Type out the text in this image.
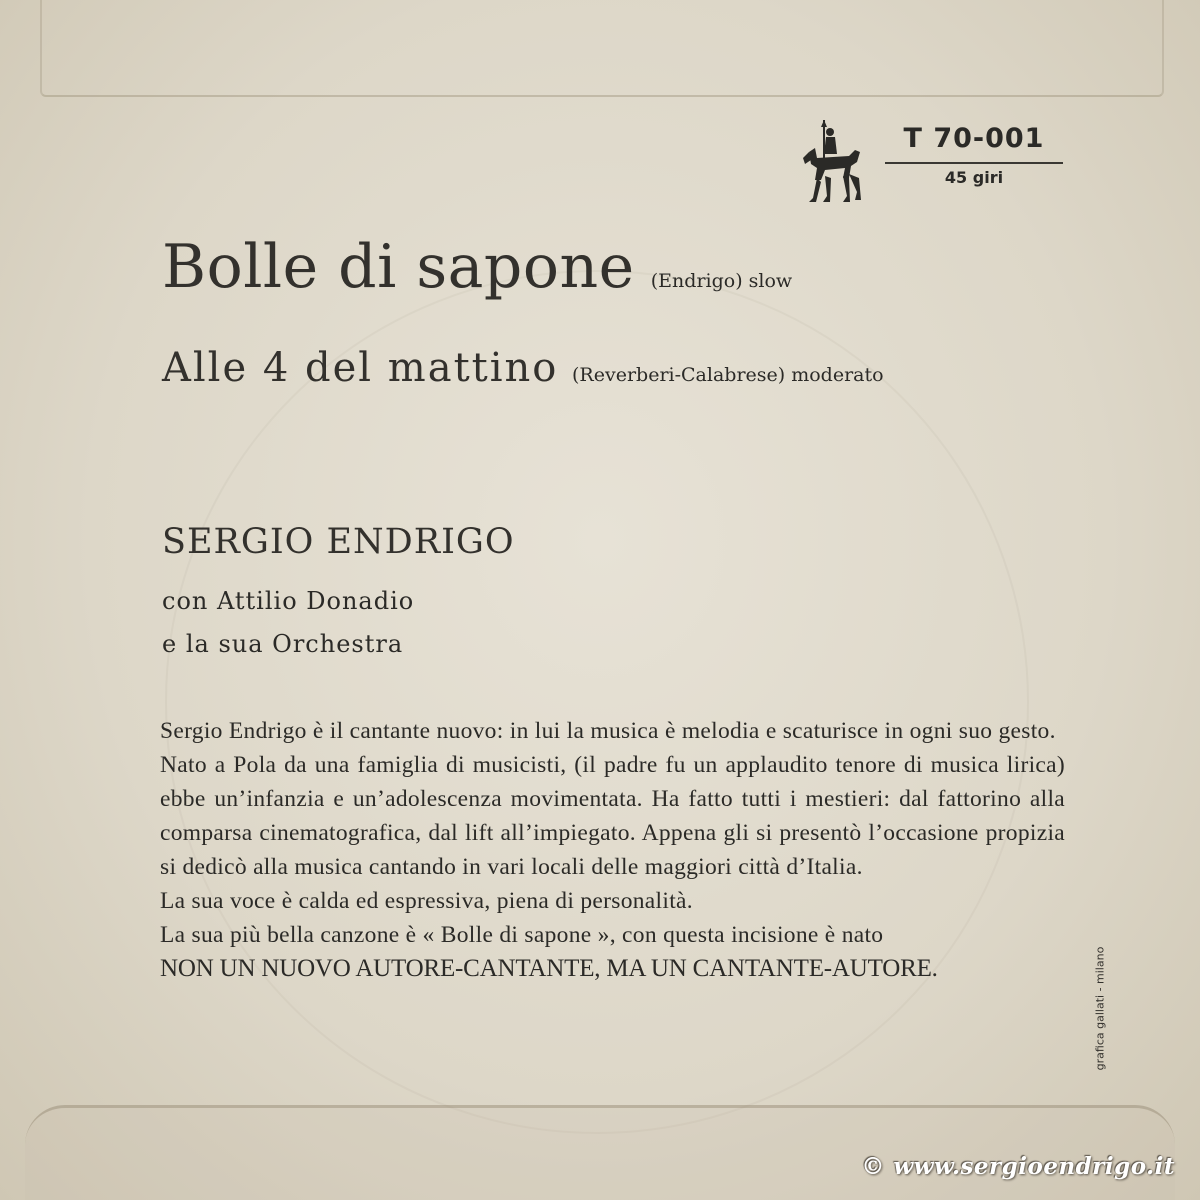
T 70-001

45 giri

Bolle di sapone (Endrigo) slow
Alle 4 del mattino (Reverberi-Calabrese) moderato
SERGIO ENDRIGO

con Attilio Donadio

e la sua Orchestra

Sergio Endrigo è il cantante nuovo: in lui la musica è melodia e scaturisce in ogni suo gesto.

Nato a Pola da una famiglia di musicisti, (il padre fu un applaudito tenore di musica lirica) ebbe un’infanzia e un’adolescenza movimentata. Ha fatto tutti i mestieri: dal fattorino alla comparsa cinematografica, dal lift all’impiegato. Appena gli si presentò l’occasione propizia si dedicò alla musica cantando in vari locali delle maggiori città d’Italia.

La sua voce è calda ed espressiva, piena di personalità.

La sua più bella canzone è « Bolle di sapone », con questa incisione è nato

NON UN NUOVO AUTORE-CANTANTE, MA UN CANTANTE-AUTORE.	grafica gallati - milano
© www.sergioendrigo.it
